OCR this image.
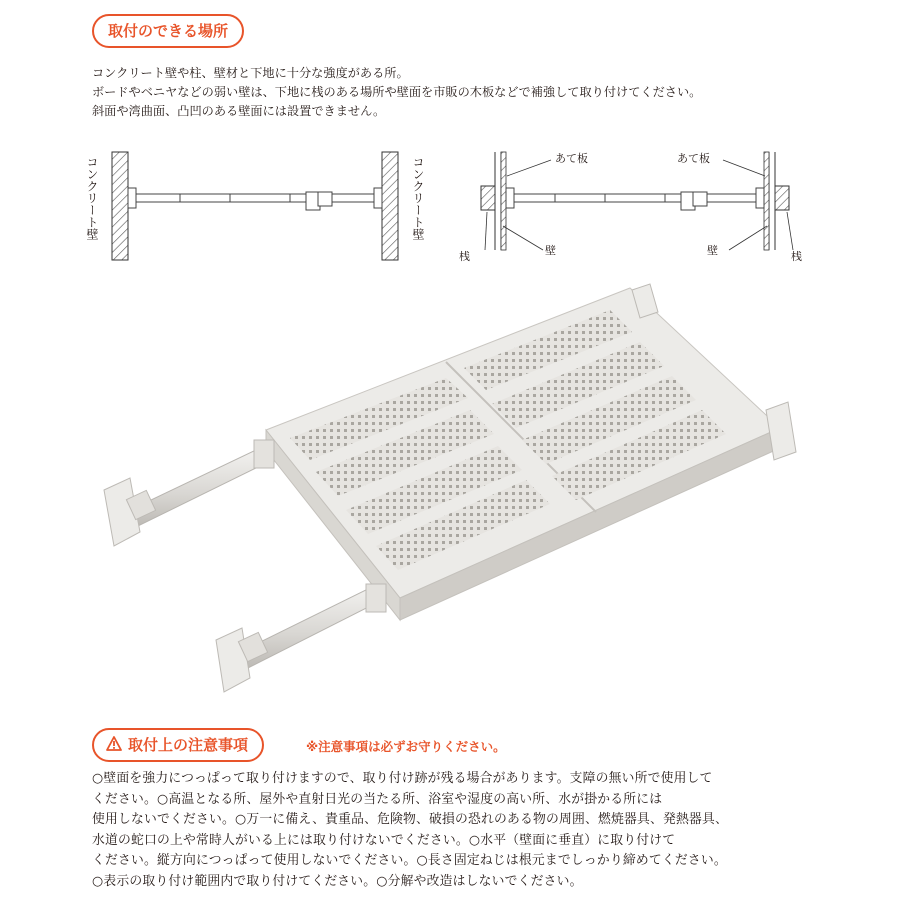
取付のできる場所
コンクリート壁や柱、壁材と下地に十分な強度がある所。
ボードやベニヤなどの弱い壁は、下地に桟のある場所や壁面を市販の木板などで補強して取り付けてください。
斜面や湾曲面、凸凹のある壁面には設置できません。
コンクリート壁	コンクリート壁	あて板	あて板
桟	壁	壁	桟
取付上の注意事項	※注意事項は必ずお守りください。
○壁面を強力につっぱって取り付けますので、取り付け跡が残る場合があります。支障の無い所で使用して
ください。○高温となる所、屋外や直射日光の当たる所、浴室や湿度の高い所、水が掛かる所には
使用しないでください。○万一に備え、貴重品、危険物、破損の恐れのある物の周囲、燃焼器具、発熱器具、
水道の蛇口の上や常時人がいる上には取り付けないでください。○水平（壁面に垂直）に取り付けて
ください。縦方向につっぱって使用しないでください。○長さ固定ねじは根元までしっかり締めてください。
○表示の取り付け範囲内で取り付けてください。○分解や改造はしないでください。
